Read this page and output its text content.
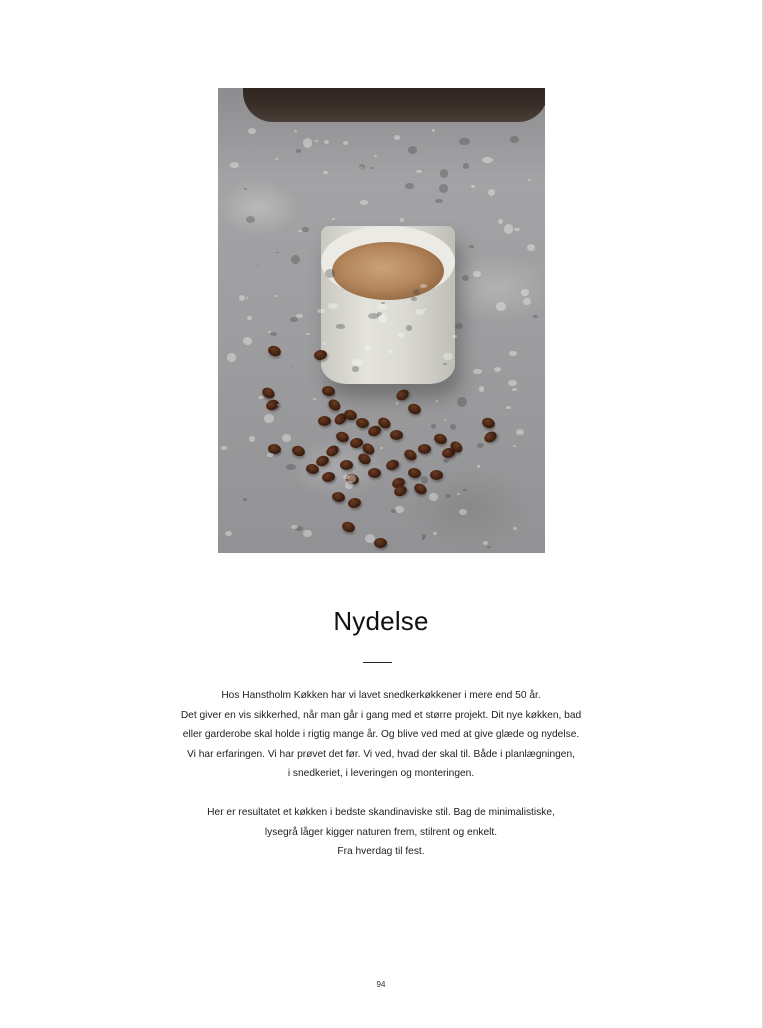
Nydelse

Hos Hanstholm Køkken har vi lavet snedkerkøkkener i mere end 50 år.
Det giver en vis sikkerhed, når man går i gang med et større projekt. Dit nye køkken, bad
eller garderobe skal holde i rigtig mange år. Og blive ved med at give glæde og nydelse.
Vi har erfaringen. Vi har prøvet det før. Vi ved, hvad der skal til. Både i planlægningen,
i snedkeriet, i leveringen og monteringen.

Her er resultatet et køkken i bedste skandinaviske stil. Bag de minimalistiske,
lysegrå låger kigger naturen frem, stilrent og enkelt.
Fra hverdag til fest.

94
